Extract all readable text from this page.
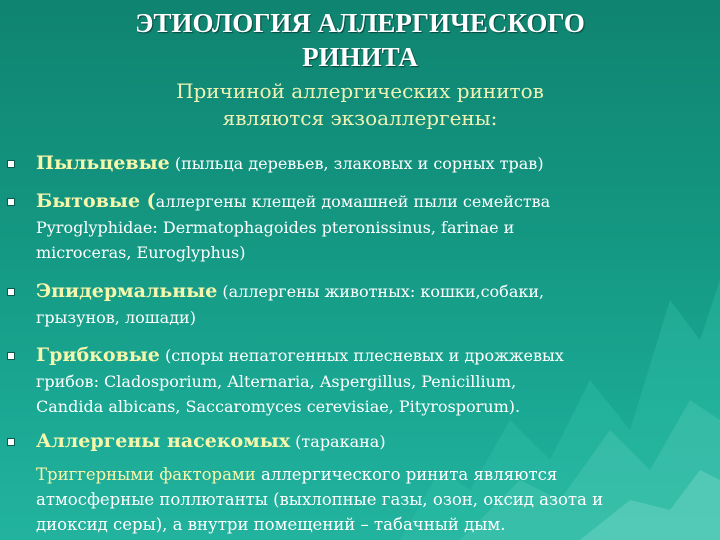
ЭТИОЛОГИЯ АЛЛЕРГИЧЕСКОГО
РИНИТА
Причиной аллергических ринитов
являются экзоаллергены:
Пыльцевые (пыльца деревьев, злаковых и сорных трав)
Бытовые (аллергены клещей домашней пыли семейства
Pyroglyphidae: Dermatophagoides pteronissinus, farinae и
microceras, Euroglyphus)
Эпидермальные (аллергены животных: кошки,собаки,
грызунов, лошади)
Грибковые (споры непатогенных плесневых и дрожжевых
грибов: Cladosporium, Alternaria, Aspergillus, Penicillium,
Candida albicans, Saccaromyces cerevisiae, Pityrosporum).
Аллергены насекомых (таракана)
Триггерными факторами аллергического ринита являются
атмосферные поллютанты (выхлопные газы, озон, оксид азота и
диоксид серы), а внутри помещений – табачный дым.
